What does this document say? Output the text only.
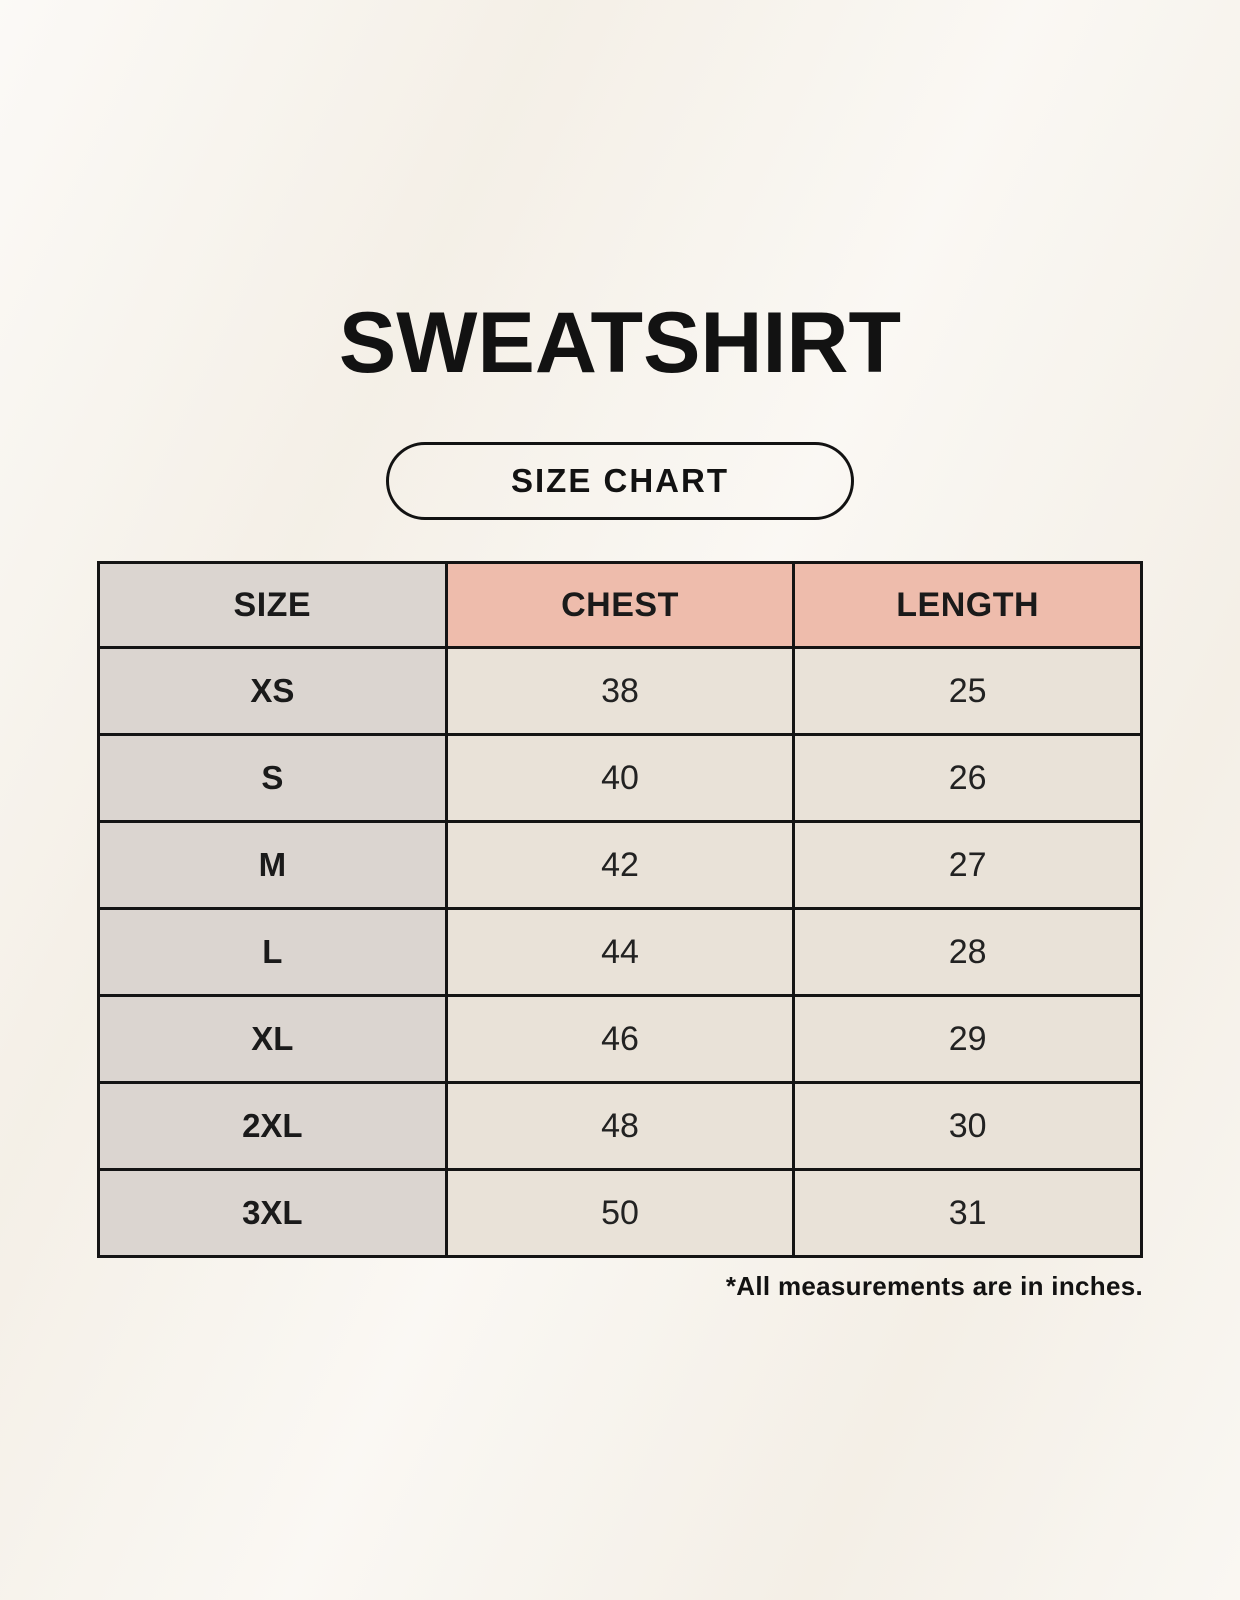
SWEATSHIRT
SIZE CHART
SIZE	CHEST	LENGTH
XS	38	25
S	40	26
M	42	27
L	44	28
XL	46	29
2XL	48	30
3XL	50	31
*All measurements are in inches.
